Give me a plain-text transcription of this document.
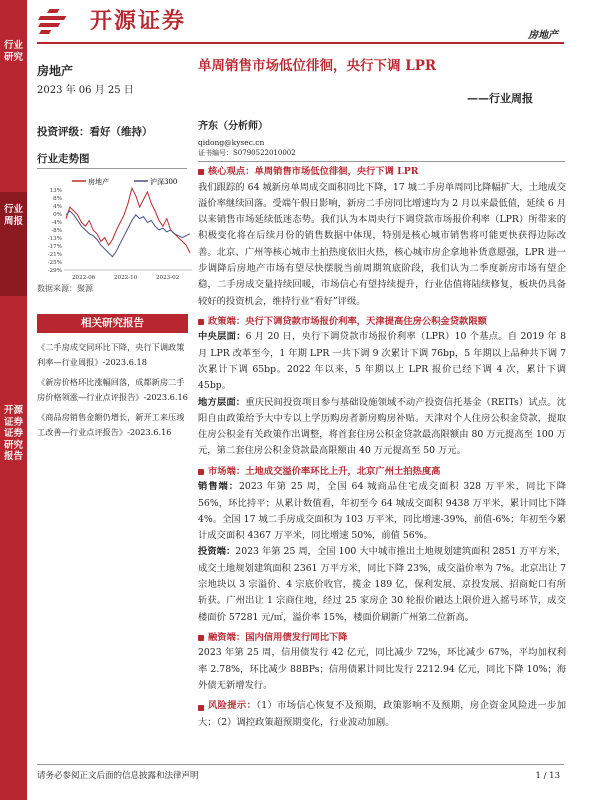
行业研究
行业周报
开源证券 证券研究报告
开源证券
房地产
房地产
2023 年 06 月 25 日
投资评级：看好（维持）
行业走势图
房地产	沪深300
13%
8%
4%
0%
-4%
-8%
-13%
-17%
-21%
-25%
-29%
2022-06	2022-10	2023-02
数据来源：聚源
相关研究报告
《二手房成交同环比下降，央行下调政策利率—行业周报》-2023.6.18
《新房价格环比涨幅回落，成都新房二手房价格领涨—行业点评报告》-2023.6.16
《商品房销售金额仍增长，新开工来压竣工改善—行业点评报告》-2023.6.16
单周销售市场低位徘徊，央行下调 LPR
——行业周报
齐东（分析师）
qidong@kysec.cn
证书编号：S0790522010002
核心观点：单周销售市场低位徘徊，央行下调 LPR
我们跟踪的 64 城新房单周成交面积同比下降，17 城二手房单周同比降幅扩大，土地成交溢价率继续回落。受端午假日影响，新房二手房同比增速均为 2 月以来最低值，延续 6 月以来销售市场延续低迷态势。我们认为本周央行下调贷款市场报价利率（LPR）所带来的积极变化将在后续月份的销售数据中体现，特别是核心城市销售将可能更快获得边际改善。北京、广州等核心城市土拍热度依旧火热，核心城市房企拿地补货意愿强，LPR 进一步调降后房地产市场有望尽快摆脱当前周期筑底阶段，我们认为二季度新房市场有望企稳，二手房成交量持续回暖，市场信心有望持续提升，行业估值将陆续修复，板块仍具备较好的投资机会，维持行业“看好”评级。
政策端：央行下调贷款市场报价利率，天津提高住房公积金贷款限额
中央层面：6 月 20 日，央行下调贷款市场报价利率（LPR）10 个基点。自 2019 年 8 月 LPR 改革至今，1 年期 LPR 一共下调 9 次累计下调 76bp，5 年期以上品种共下调 7 次累计下调 65bp。2022 年以来，5 年期以上 LPR 报价已经下调 4 次，累计下调 45bp。
地方层面：重庆民间投资项目参与基础设施领域不动产投资信托基金（REITs）试点。沈阳自由政策给予大中专以上学历购房者新房购房补贴。天津对个人住房公积金贷款，提取住房公积金有关政策作出调整，将首套住房公积金贷款最高限额由 80 万元提高至 100 万元，第二套住房公积金贷款最高限额由 40 万元提高至 50 万元。
市场端：土地成交溢价率环比上升，北京广州土拍热度高
销售端：2023 年第 25 周，全国 64 城商品住宅成交面积 328 万平米，同比下降 56%，环比持平；从累计数值看，年初至今 64 城成交面积 9438 万平米，累计同比下降 4%。全国 17 城二手房成交面积为 103 万平米，同比增速-39%，前值-6%；年初至今累计成交面积 4367 万平米，同比增速 50%，前值 56%。
投资端：2023 年第 25 周，全国 100 大中城市推出土地规划建筑面积 2851 万平方米，成交土地规划建筑面积 2361 万平方米，同比下降 23%，成交溢价率为 7%。北京出让 7 宗地块以 3 宗溢价、4 宗底价收官，揽金 189 亿，保利发展、京投发展、招商蛇口有所斩获。广州出让 1 宗商住地，经过 25 家房企 30 轮报价融达上限价进入摇号环节，成交楼面价 57281 元/㎡，溢价率 15%，楼面价刷新广州第二位新高。
融资端：国内信用债发行同比下降
2023 年第 25 周，信用债发行 42 亿元，同比减少 72%，环比减少 67%，平均加权利率 2.78%，环比减少 88BPs；信用债累计同比发行 2212.94 亿元，同比下降 10%；海外债无新增发行。
风险提示：（1）市场信心恢复不及预期，政策影响不及预期，房企资金风险进一步加大；（2）调控政策超预期变化，行业波动加剧。
请务必参阅正文后面的信息披露和法律声明	1 / 13
